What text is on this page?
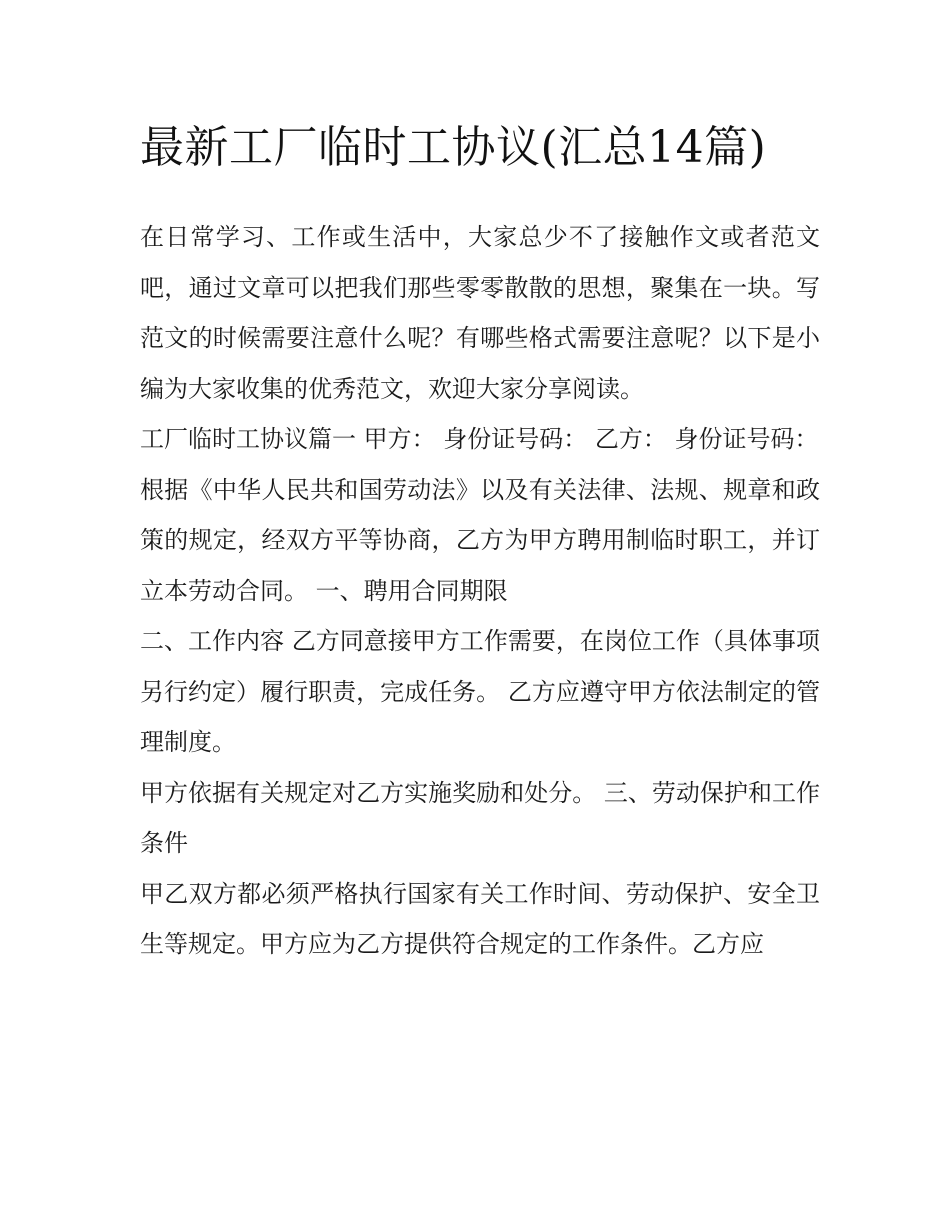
最新工厂临时工协议(汇总14篇)

在日常学习、工作或生活中，大家总少不了接触作文或者范文吧，通过文章可以把我们那些零零散散的思想，聚集在一块。写范文的时候需要注意什么呢？有哪些格式需要注意呢？以下是小编为大家收集的优秀范文，欢迎大家分享阅读。

工厂临时工协议篇一 甲方： 身份证号码： 乙方： 身份证号码：

根据《中华人民共和国劳动法》以及有关法律、法规、规章和政策的规定，经双方平等协商，乙方为甲方聘用制临时职工，并订立本劳动合同。 一、聘用合同期限

二、工作内容 乙方同意接甲方工作需要，在岗位工作（具体事项另行约定）履行职责，完成任务。 乙方应遵守甲方依法制定的管理制度。

甲方依据有关规定对乙方实施奖励和处分。 三、劳动保护和工作条件

甲乙双方都必须严格执行国家有关工作时间、劳动保护、安全卫生等规定。甲方应为乙方提供符合规定的工作条件。乙方应
